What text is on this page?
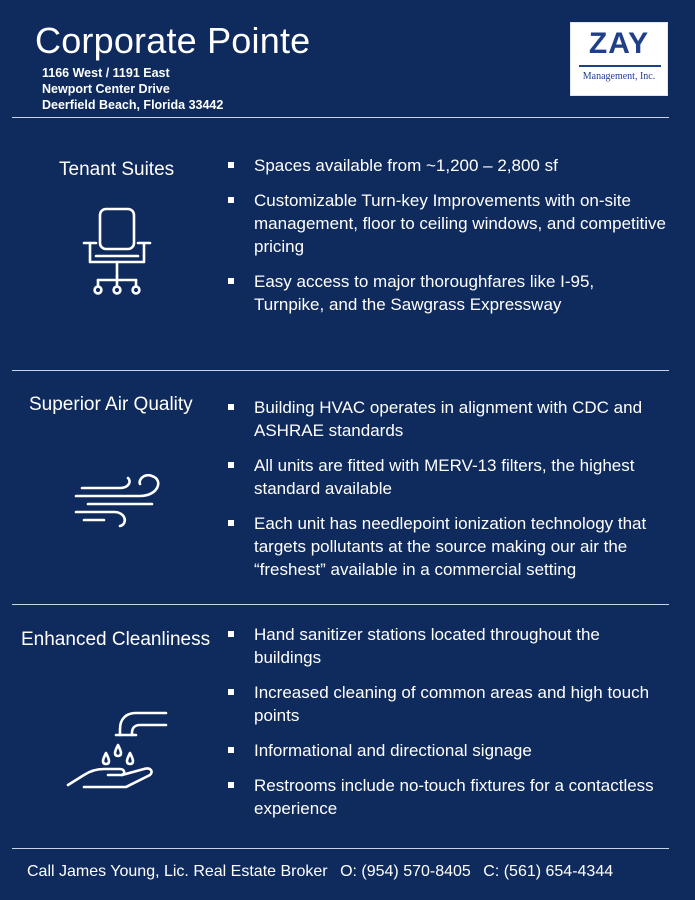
Corporate Pointe
1166 West / 1191 East
Newport Center Drive
Deerfield Beach, Florida 33442
ZAY
Management, Inc.
Tenant Suites	Spaces available from ~1,200 – 2,800 sf
Customizable Turn-key Improvements with on-site management, floor to ceiling windows, and competitive pricing
Easy access to major thoroughfares like I-95, Turnpike, and the Sawgrass Expressway
Superior Air Quality	Building HVAC operates in alignment with CDC and ASHRAE standards
All units are fitted with MERV-13 filters, the highest standard available
Each unit has needlepoint ionization technology that targets pollutants at the source making our air the “freshest” available in a commercial setting
Enhanced Cleanliness	Hand sanitizer stations located throughout the buildings
Increased cleaning of common areas and high touch points
Informational and directional signage
Restrooms include no-touch fixtures for a contactless experience
Call James Young, Lic. Real Estate Broker O: (954) 570-8405 C: (561) 654-4344
